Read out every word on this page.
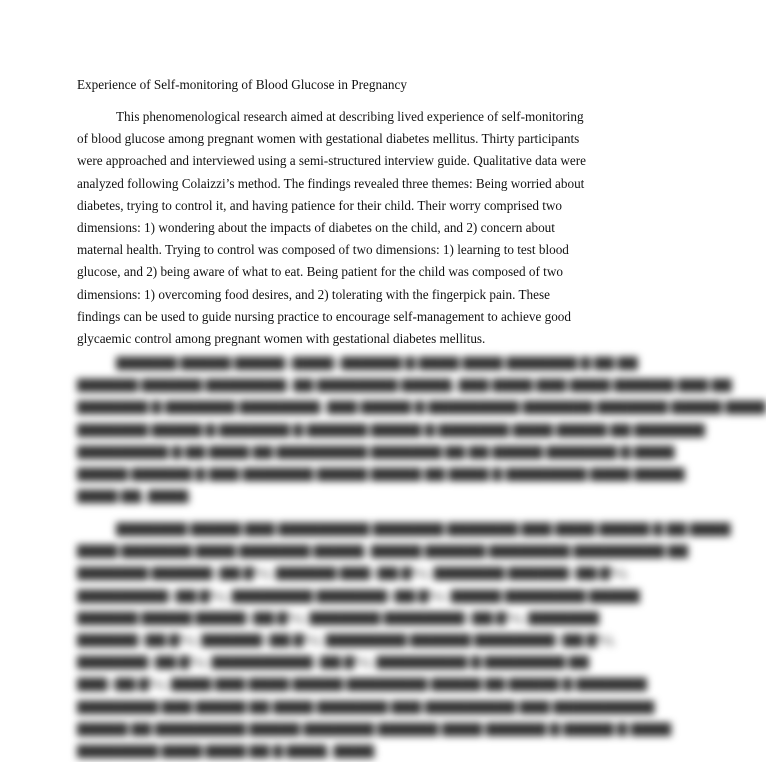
Experience of Self-monitoring of Blood Glucose in Pregnancy
This phenomenological research aimed at describing lived experience of self-monitoring
of blood glucose among pregnant women with gestational diabetes mellitus. Thirty participants
were approached and interviewed using a semi-structured interview guide. Qualitative data were
analyzed following Colaizzi’s method. The findings revealed three themes: Being worried about
diabetes, trying to control it, and having patience for their child. Their worry comprised two
dimensions: 1) wondering about the impacts of diabetes on the child, and 2) concern about
maternal health. Trying to control was composed of two dimensions: 1) learning to test blood
glucose, and 2) being aware of what to eat. Being patient for the child was composed of two
dimensions: 1) overcoming food desires, and 2) tolerating with the fingerpick pain. These
findings can be used to guide nursing practice to encourage self-management to achieve good
glycaemic control among pregnant women with gestational diabetes mellitus.
▇▇▇▇▇▇ ▇▇▇▇▇ ▇▇▇▇▇ (▇▇▇▇) ▇▇▇▇▇▇ ▇ ▇▇▇▇ ▇▇▇▇ ▇▇▇▇▇▇▇ ▇ ▇▇ ▇▇
▇▇▇▇▇▇ ▇▇▇▇▇▇ ▇▇▇▇▇▇▇▇. ▇▇ ▇▇▇▇▇▇▇▇ ▇▇▇▇▇, ▇▇▇ ▇▇▇▇ ▇▇▇ ▇▇▇▇ ▇▇▇▇▇▇ ▇▇▇ ▇▇
▇▇▇▇▇▇▇ ▇ ▇▇▇▇▇▇▇ ▇▇▇▇▇▇▇▇. ▇▇▇ ▇▇▇▇▇ ▇ ▇▇▇▇▇▇▇▇▇ ▇▇▇▇▇▇▇ ▇▇▇▇▇▇▇ ▇▇▇▇▇ ▇▇▇▇
▇▇▇▇▇▇▇ ▇▇▇▇▇ ▇ ▇▇▇▇▇▇▇ ▇ ▇▇▇▇▇▇ ▇▇▇▇▇ ▇ ▇▇▇▇▇▇▇ ▇▇▇▇ ▇▇▇▇▇ ▇▇ ▇▇▇▇▇▇▇
▇▇▇▇▇▇▇▇▇ ▇ ▇▇ ▇▇▇▇ ▇▇ ▇▇▇▇▇▇▇▇▇ ▇▇▇▇▇▇▇ ▇▇ ▇▇ ▇▇▇▇▇ ▇▇▇▇▇▇▇ ▇ ▇▇▇▇
▇▇▇▇▇ ▇▇▇▇▇▇ ▇ ▇▇▇ ▇▇▇▇▇▇▇ ▇▇▇▇▇ ▇▇▇▇▇ ▇▇ ▇▇▇▇ ▇ ▇▇▇▇▇▇▇▇ ▇▇▇▇ ▇▇▇▇▇
▇▇▇▇ ▇▇, ▇▇▇▇.
▇▇▇▇▇▇▇ ▇▇▇▇▇ ▇▇▇ ▇▇▇▇▇▇▇▇▇ ▇▇▇▇▇▇▇ ▇▇▇▇▇▇▇ ▇▇▇ ▇▇▇▇ ▇▇▇▇▇ ▇ ▇▇ ▇▇▇▇
▇▇▇▇ ▇▇▇▇▇▇▇ ▇▇▇▇ ▇▇▇▇▇▇▇ ▇▇▇▇▇. ▇▇▇▇▇ ▇▇▇▇▇▇ ▇▇▇▇▇▇▇▇ ▇▇▇▇▇▇▇▇▇ ▇▇
▇▇▇▇▇▇▇ ▇▇▇▇▇▇ (▇▇.▇%), ▇▇▇▇▇▇ ▇▇▇ (▇▇.▇%), ▇▇▇▇▇▇▇ ▇▇▇▇▇▇ (▇▇.▇%),
▇▇▇▇▇▇▇▇▇ (▇▇.▇%), ▇▇▇▇▇▇▇▇ ▇▇▇▇▇▇▇ (▇▇.▇%). ▇▇▇▇▇ ▇▇▇▇▇▇▇▇ ▇▇▇▇▇
▇▇▇▇▇▇ ▇▇▇▇▇ ▇▇▇▇▇ (▇▇.▇%), ▇▇▇▇▇▇▇ ▇▇▇▇▇▇▇▇ (▇▇.▇%), ▇▇▇▇▇▇▇
▇▇▇▇▇▇ (▇▇.▇%), ▇▇▇▇▇▇ (▇▇.▇%), ▇▇▇▇▇▇▇▇ ▇▇▇▇▇▇ ▇▇▇▇▇▇▇▇ (▇▇.▇%),
▇▇▇▇▇▇▇ (▇▇.▇%), ▇▇▇▇▇▇▇▇▇▇ (▇▇.▇%), ▇▇▇▇▇▇▇▇▇ ▇ ▇▇▇▇▇▇▇▇ ▇▇
▇▇▇ (▇▇.▇%), ▇▇▇▇ ▇▇▇ ▇▇▇▇ ▇▇▇▇▇ ▇▇▇▇▇▇▇▇ ▇▇▇▇▇ ▇▇ ▇▇▇▇▇ ▇ ▇▇▇▇▇▇▇
▇▇▇▇▇▇▇▇ ▇▇▇ ▇▇▇▇▇ ▇▇ ▇▇▇▇ ▇▇▇▇▇▇▇ ▇▇▇ ▇▇▇▇▇▇▇▇▇ ▇▇▇ ▇▇▇▇▇▇▇▇▇▇
▇▇▇▇▇ ▇▇ ▇▇▇▇▇▇▇▇▇ ▇▇▇▇▇ ▇▇▇▇▇▇▇ ▇▇▇▇▇▇ ▇▇▇▇ ▇▇▇▇▇▇ ▇ ▇▇▇▇▇ ▇ ▇▇▇▇
▇▇▇▇▇▇▇▇ ▇▇▇▇ ▇▇▇▇ ▇▇ ▇ ▇▇▇▇, ▇▇▇▇.
